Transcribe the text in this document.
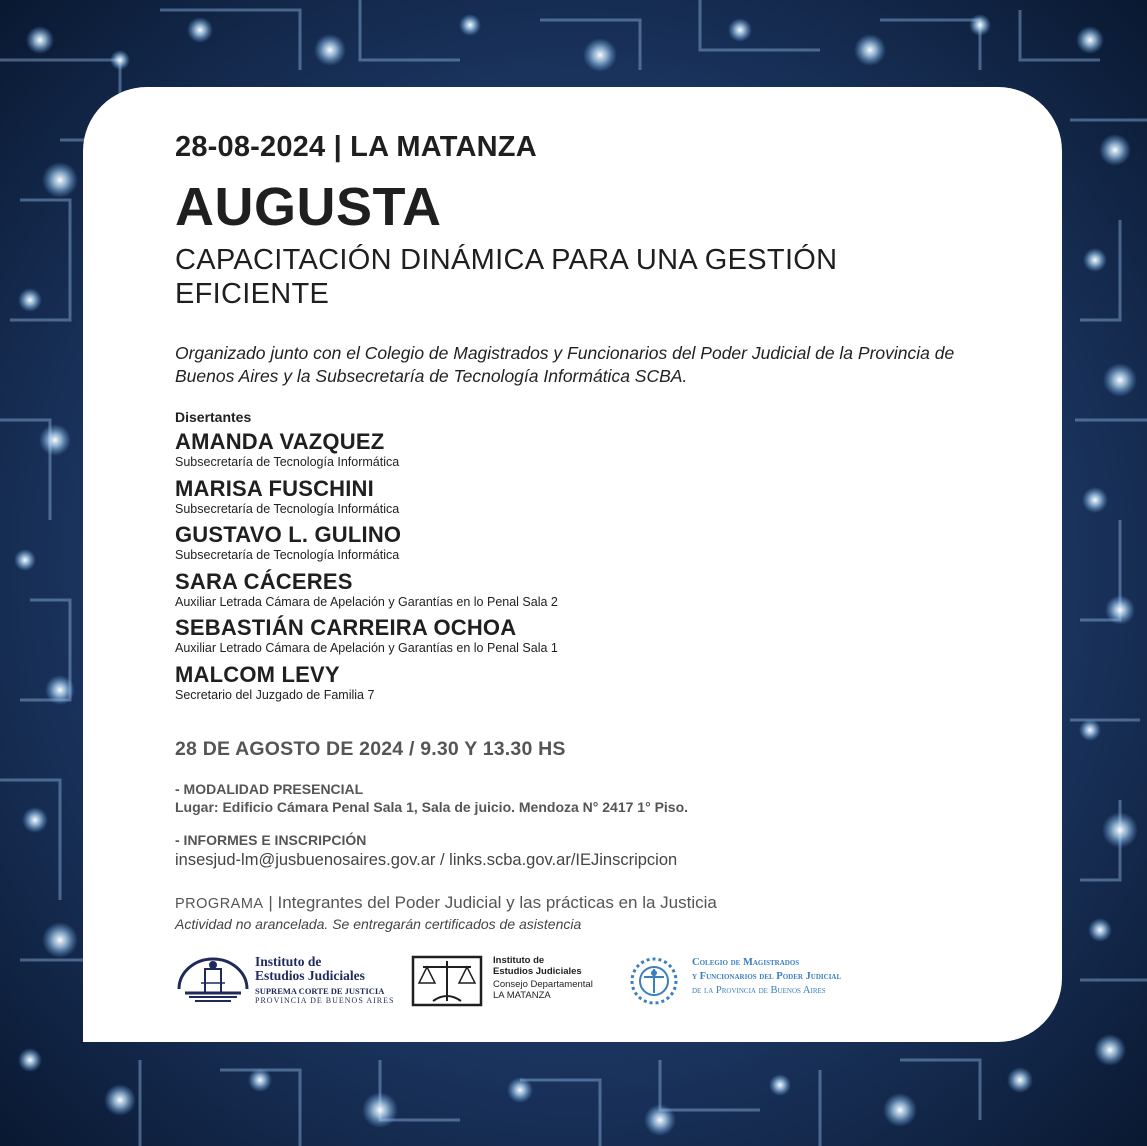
28-08-2024 | LA MATANZA
AUGUSTA
CAPACITACIÓN DINÁMICA PARA UNA GESTIÓN EFICIENTE
Organizado junto con el Colegio de Magistrados y Funcionarios del Poder Judicial de la Provincia de Buenos Aires y la Subsecretaría de Tecnología Informática SCBA.
Disertantes
AMANDA VAZQUEZ
Subsecretaría de Tecnología Informática
MARISA FUSCHINI
Subsecretaría de Tecnología Informática
GUSTAVO L. GULINO
Subsecretaría de Tecnología Informática
SARA CÁCERES
Auxiliar Letrada Cámara de Apelación y Garantías en lo Penal Sala 2
SEBASTIÁN CARREIRA OCHOA
Auxiliar Letrado Cámara de Apelación y Garantías en lo Penal Sala 1
MALCOM LEVY
Secretario del Juzgado de Familia 7
28 DE AGOSTO DE 2024 / 9.30 Y 13.30 HS
- MODALIDAD PRESENCIAL
Lugar: Edificio Cámara Penal Sala 1, Sala de juicio. Mendoza N° 2417 1° Piso.
- INFORMES E INSCRIPCIÓN
insesjud-lm@jusbuenosaires.gov.ar / links.scba.gov.ar/IEJinscripcion
PROGRAMA | Integrantes del Poder Judicial y las prácticas en la Justicia
Actividad no arancelada. Se entregarán certificados de asistencia
Instituto de
Estudios Judiciales
SUPREMA CORTE DE JUSTICIA
PROVINCIA DE BUENOS AIRES
Instituto de
Estudios Judiciales
Consejo Departamental
LA MATANZA
Colegio de Magistrados
y Funcionarios del Poder Judicial
de la Provincia de Buenos Aires
